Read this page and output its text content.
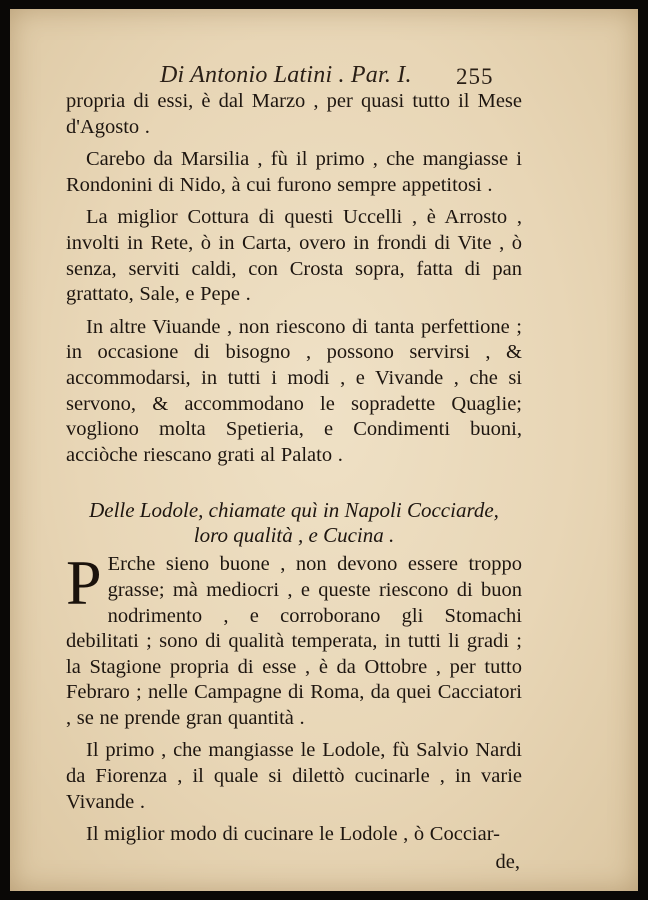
Di Antonio Latini . Par. I. 255

propria di essi, è dal Marzo , per quasi tutto il Mese d'Agosto .

Carebo da Marsilia , fù il primo , che mangiasse i Rondonini di Nido, à cui furono sempre appetitosi .

La miglior Cottura di questi Uccelli , è Arrosto , involti in Rete, ò in Carta, overo in frondi di Vite , ò senza, serviti caldi, con Crosta sopra, fatta di pan grattato, Sale, e Pepe .

In altre Viuande , non riescono di tanta perfettione ; in occasione di bisogno , possono servirsi , & accommodarsi, in tutti i modi , e Vivande , che si servono, & accommodano le sopradette Quaglie; vogliono molta Spetieria, e Condimenti buoni, acciòche riescano grati al Palato .

Delle Lodole, chiamate quì in Napoli Cocciarde,
loro qualità , e Cucina .

P Erche sieno buone , non devono essere troppo grasse; mà mediocri , e queste riescono di buon nodrimento , e corroborano gli Stomachi debilitati ; sono di qualità temperata, in tutti li gradi ; la Stagione propria di esse , è da Ottobre , per tutto Febraro ; nelle Campagne di Roma, da quei Cacciatori , se ne prende gran quantità .

Il primo , che mangiasse le Lodole, fù Salvio Nardi da Fiorenza , il quale si dilettò cucinarle , in varie Vivande .

Il miglior modo di cucinare le Lodole , ò Cocciar-

de,
